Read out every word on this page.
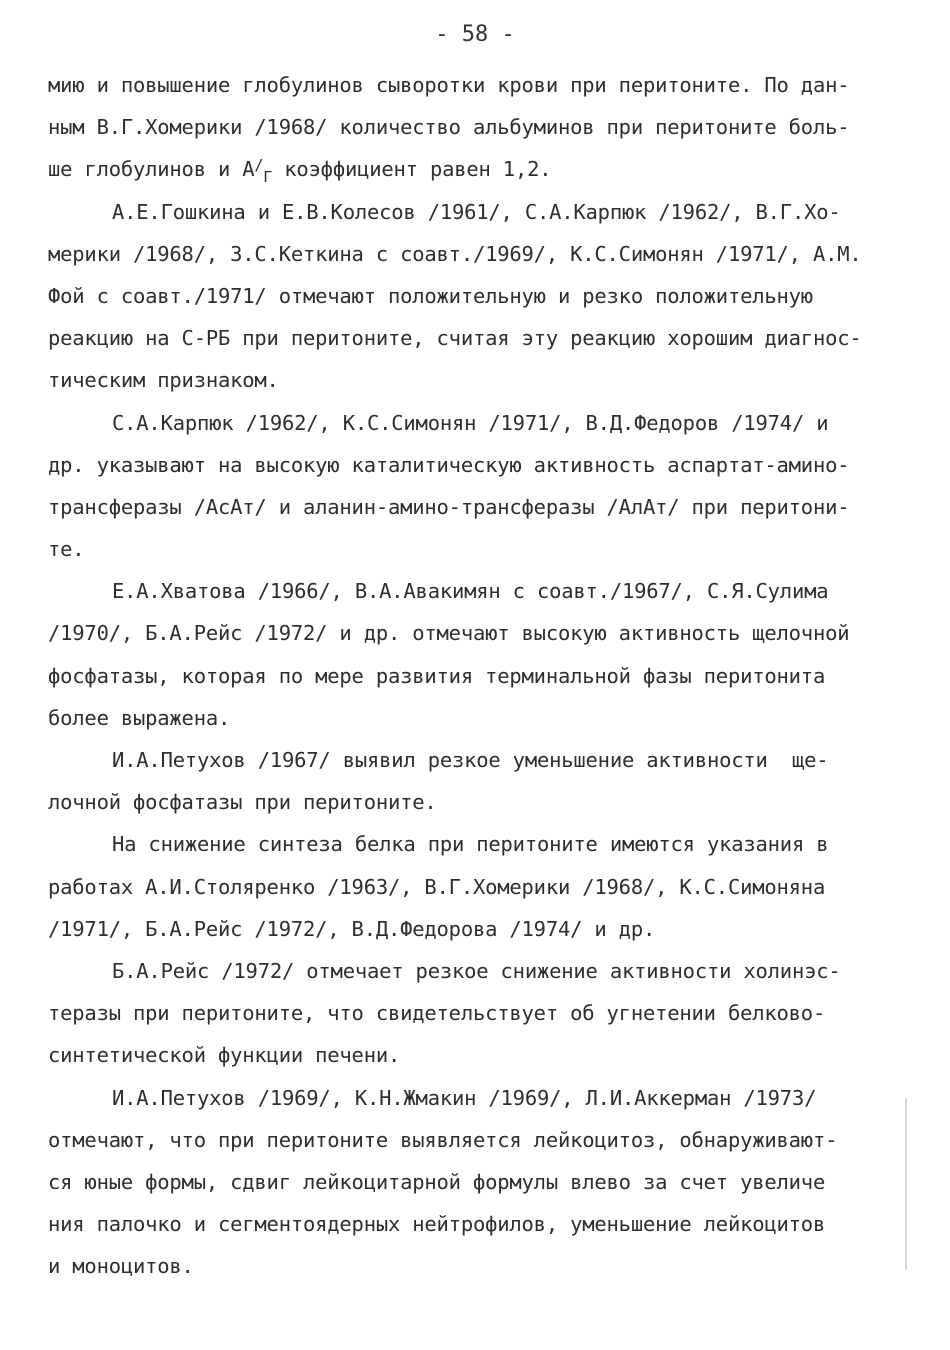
- 58 -
мию и повышение глобулинов сыворотки крови при перитоните. По дан-
ным В.Г.Хомерики /1968/ количество альбуминов при перитоните боль-
ше глобулинов и $А^/_Г$ коэффициент равен 1,2.
А.Е.Гошкина и Е.В.Колесов /1961/, С.А.Карпюк /1962/, В.Г.Хо-
мерики /1968/, З.С.Кеткина с соавт./1969/, К.С.Симонян /1971/, А.М.
Фой с соавт./1971/ отмечают положительную и резко положительную
реакцию на С-РБ при перитоните, считая эту реакцию хорошим диагнос-
тическим признаком.
С.А.Карпюк /1962/, К.С.Симонян /1971/, В.Д.Федоров /1974/ и
др. указывают на высокую каталитическую активность аспартат-амино-
трансферазы /АсАт/ и аланин-амино-трансферазы /АлАт/ при перитони-
те.
Е.А.Хватова /1966/, В.А.Авакимян с соавт./1967/, С.Я.Сулима
/1970/, Б.А.Рейс /1972/ и др. отмечают высокую активность щелочной
фосфатазы, которая по мере развития терминальной фазы перитонита
более выражена.
И.А.Петухов /1967/ выявил резкое уменьшение активности  ще-
лочной фосфатазы при перитоните.
На снижение синтеза белка при перитоните имеются указания в
работах А.И.Столяренко /1963/, В.Г.Хомерики /1968/, К.С.Симоняна
/1971/, Б.А.Рейс /1972/, В.Д.Федорова /1974/ и др.
Б.А.Рейс /1972/ отмечает резкое снижение активности холинэс-
теразы при перитоните, что свидетельствует об угнетении белково-
синтетической функции печени.
И.А.Петухов /1969/, К.Н.Жмакин /1969/, Л.И.Аккерман /1973/
отмечают, что при перитоните выявляется лейкоцитоз, обнаруживают-
ся юные формы, сдвиг лейкоцитарной формулы влево за счет увеличе
ния палочко и сегментоядерных нейтрофилов, уменьшение лейкоцитов
и моноцитов.
